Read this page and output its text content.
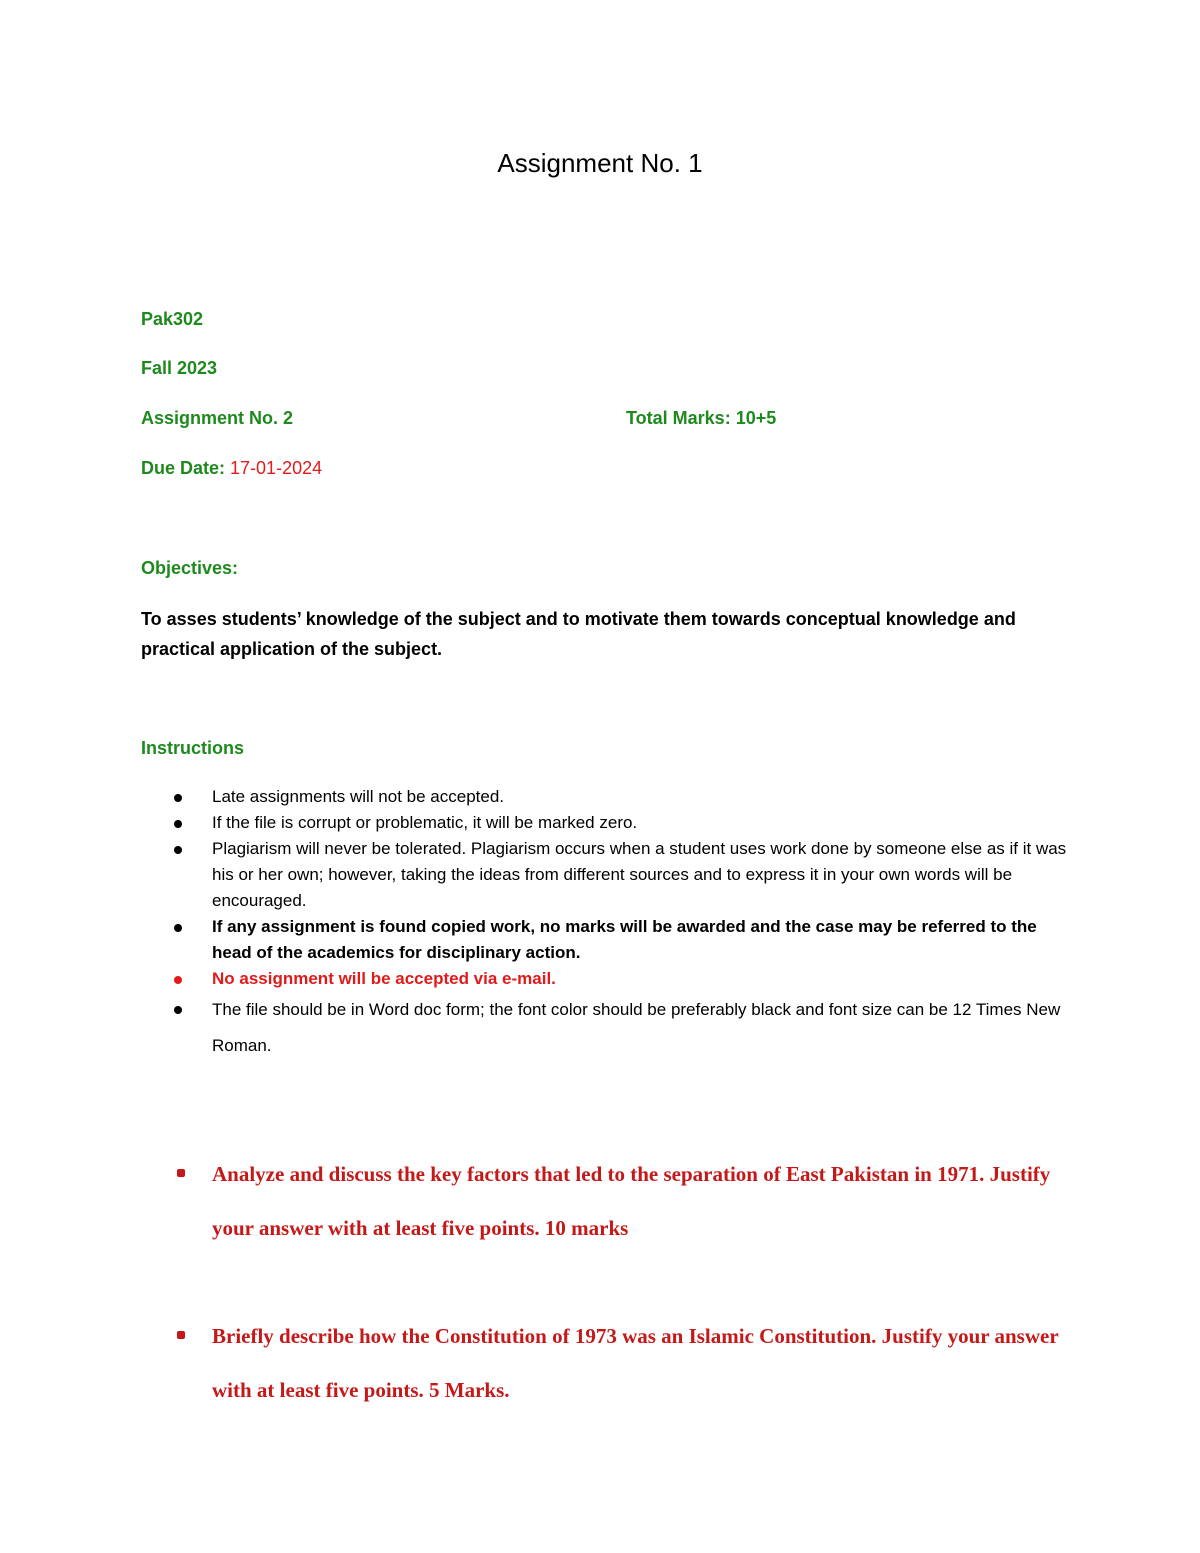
Assignment No. 1
Pak302
Fall 2023
Assignment No. 2	Total Marks: 10+5
Due Date: 17-01-2024
Objectives:
To asses students’ knowledge of the subject and to motivate them towards conceptual knowledge and practical application of the subject.
Instructions
Late assignments will not be accepted.
If the file is corrupt or problematic, it will be marked zero.
Plagiarism will never be tolerated. Plagiarism occurs when a student uses work done by someone else as if it was his or her own; however, taking the ideas from different sources and to express it in your own words will be encouraged.
If any assignment is found copied work, no marks will be awarded and the case may be referred to the head of the academics for disciplinary action.
No assignment will be accepted via e-mail.
The file should be in Word doc form; the font color should be preferably black and font size can be 12 Times New Roman.
Analyze and discuss the key factors that led to the separation of East Pakistan in 1971. Justify your answer with at least five points. 10 marks
Briefly describe how the Constitution of 1973 was an Islamic Constitution. Justify your answer with at least five points. 5 Marks.
